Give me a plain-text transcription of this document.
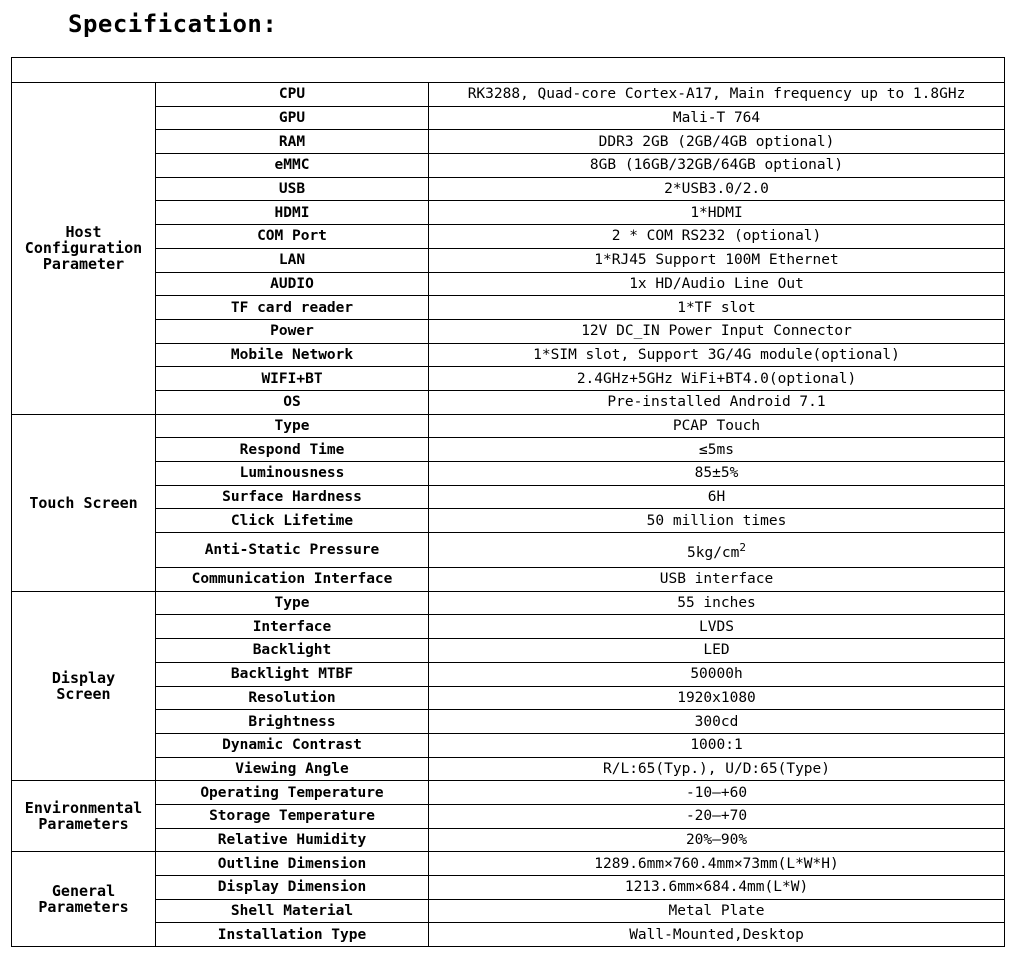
Specification:

Host
Configuration
Parameter	CPU	RK3288, Quad-core Cortex-A17, Main frequency up to 1.8GHz
	GPU	Mali-T 764
	RAM	DDR3 2GB (2GB/4GB optional)
	eMMC	8GB (16GB/32GB/64GB optional)
	USB	2*USB3.0/2.0
	HDMI	1*HDMI
	COM Port	2 * COM RS232 (optional)
	LAN	1*RJ45 Support 100M Ethernet
	AUDIO	1x HD/Audio Line Out
	TF card reader	1*TF slot
	Power	12V DC_IN Power Input Connector
	Mobile Network	1*SIM slot, Support 3G/4G module(optional)
	WIFI+BT	2.4GHz+5GHz WiFi+BT4.0(optional)
	OS	Pre-installed Android 7.1

Touch Screen	Type	PCAP Touch
	Respond Time	≤5ms
	Luminousness	85±5%
	Surface Hardness	6H
	Click Lifetime	50 million times
	Anti-Static Pressure	$5kg/cm^2$
	Communication Interface	USB interface

Display
Screen	Type	55 inches
	Interface	LVDS
	Backlight	LED
	Backlight MTBF	50000h
	Resolution	1920x1080
	Brightness	300cd
	Dynamic Contrast	1000:1
	Viewing Angle	R/L:65(Typ.), U/D:65(Type)

Environmental
Parameters	Operating Temperature	-10—+60
	Storage Temperature	-20—+70
	Relative Humidity	20%—90%

General
Parameters	Outline Dimension	1289.6mm×760.4mm×73mm(L*W*H)
	Display Dimension	1213.6mm×684.4mm(L*W)
	Shell Material	Metal Plate
	Installation Type	Wall-Mounted,Desktop
